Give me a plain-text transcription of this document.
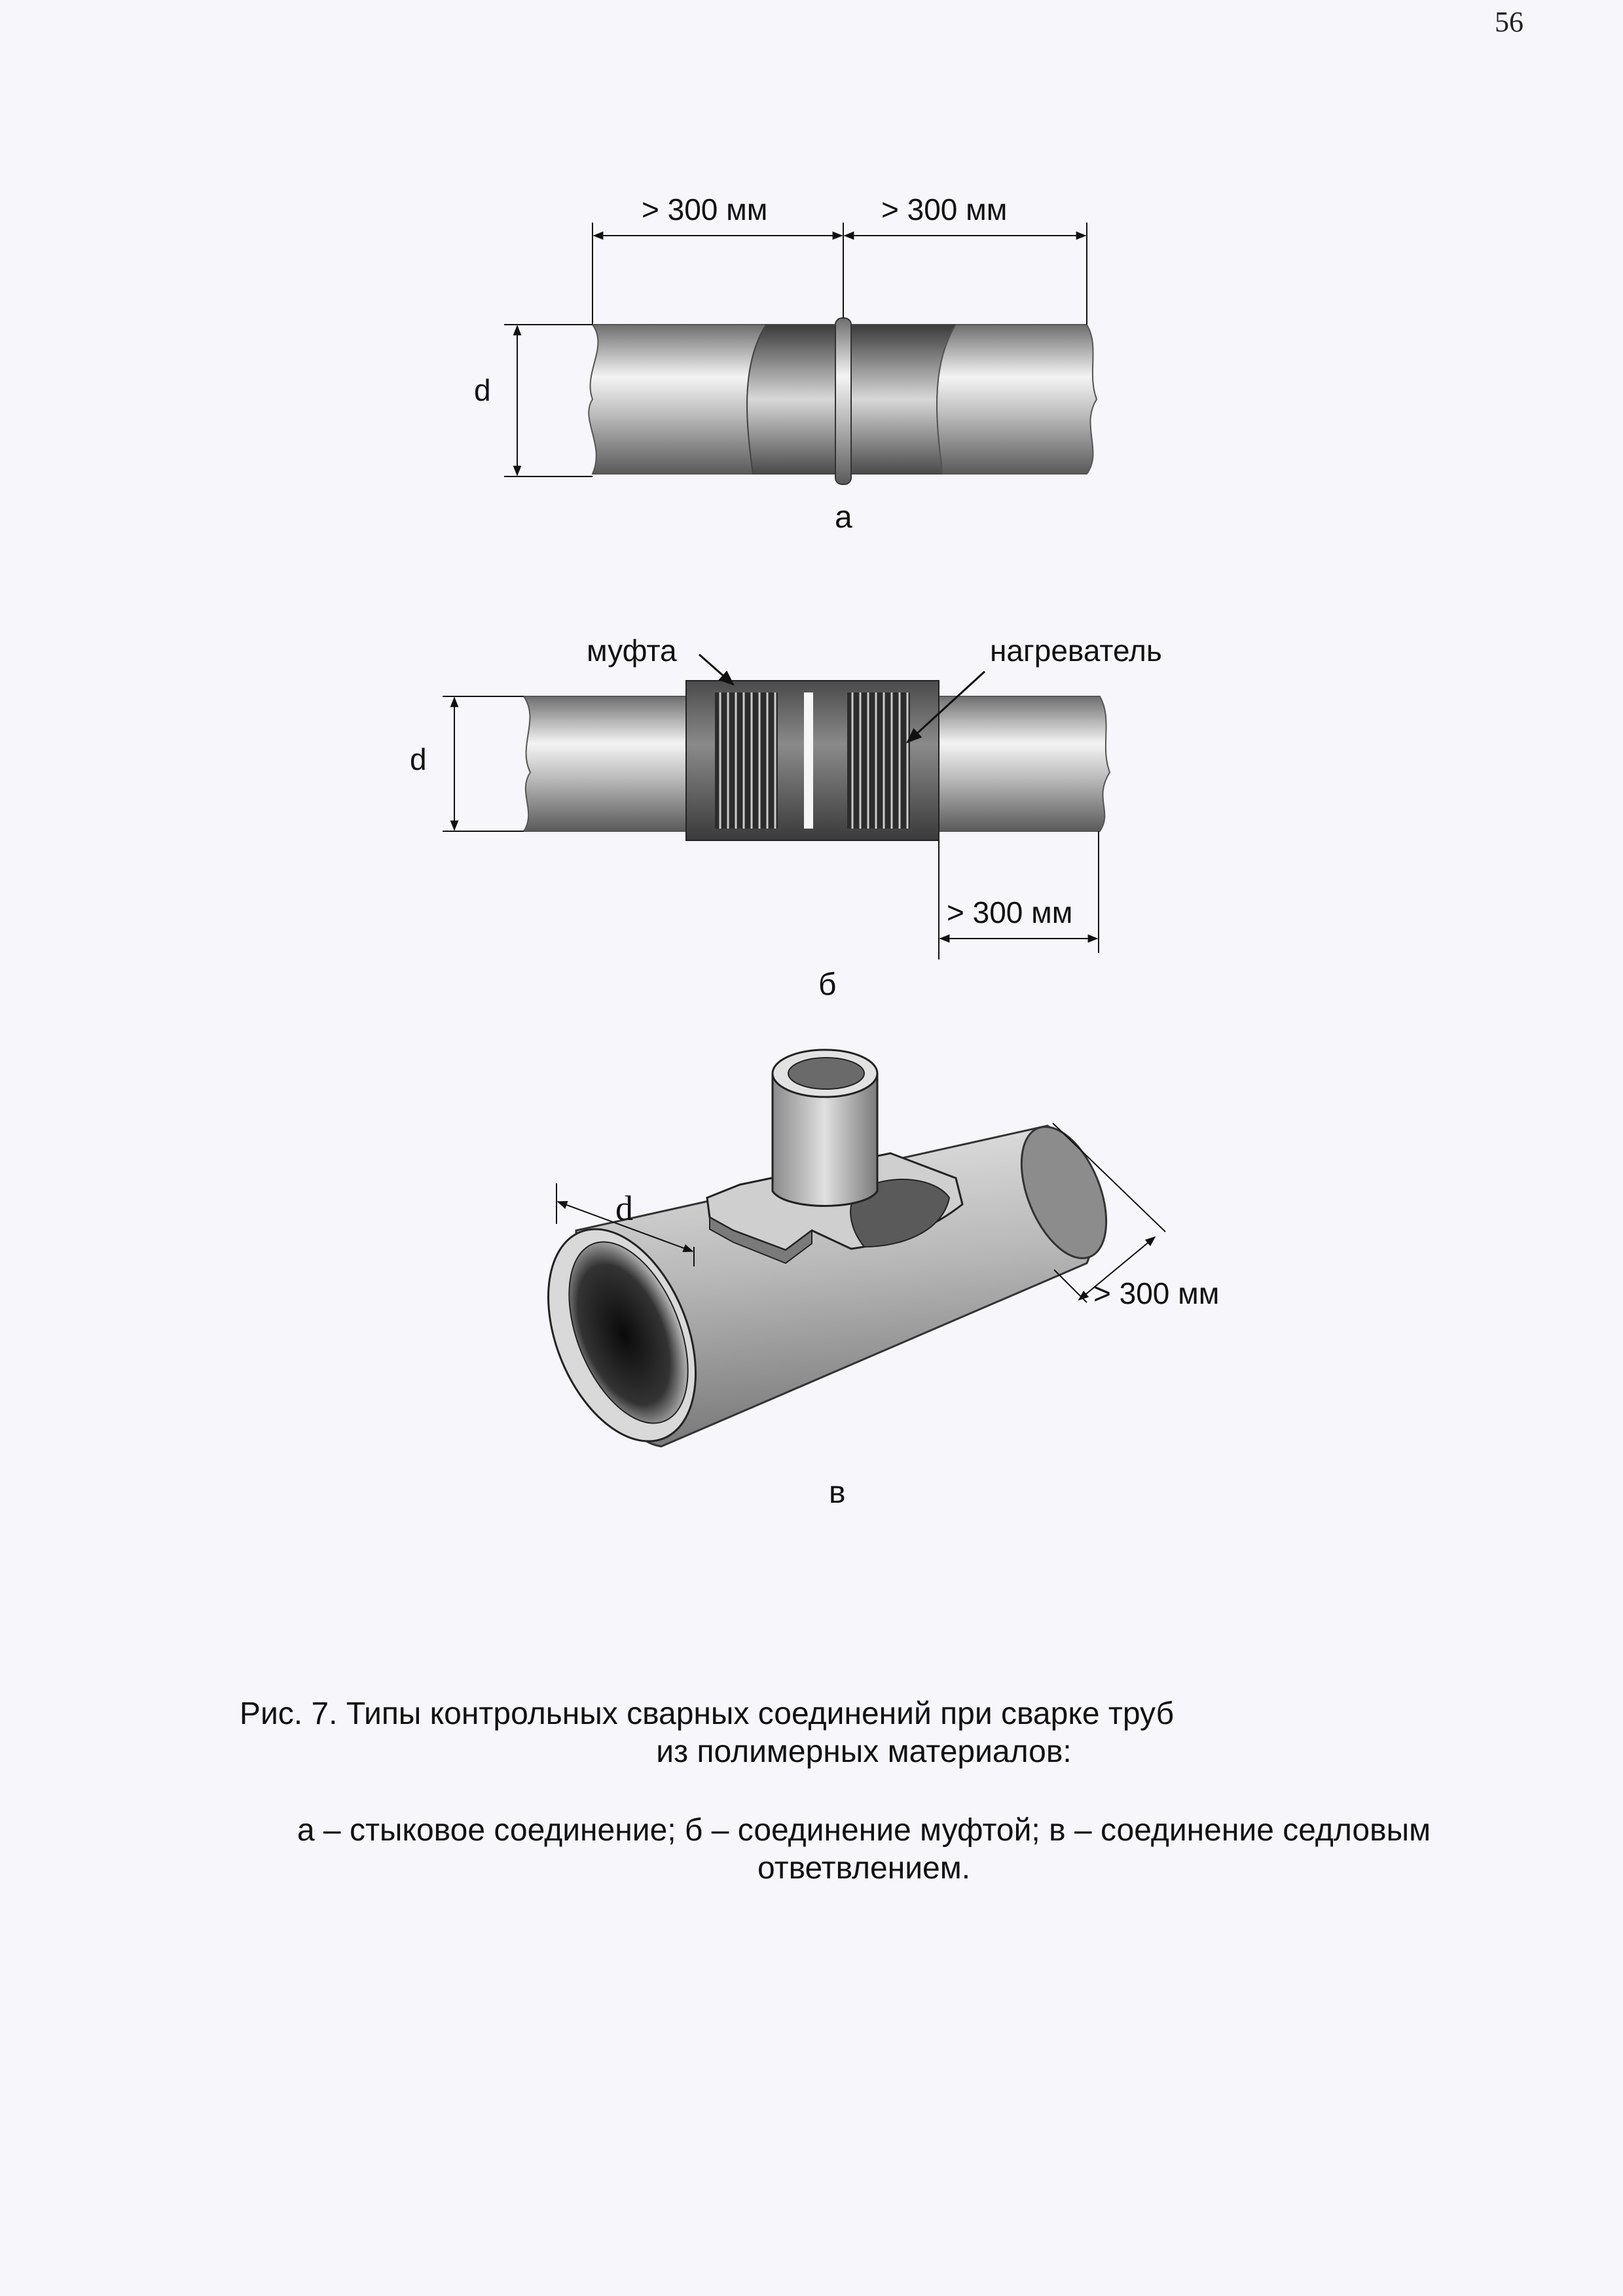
56
> 300 мм	> 300 мм
d
а
муфта	нагреватель
d
> 300 мм
б
d
> 300 мм
в
Рис. 7. Типы контрольных сварных соединений при сварке труб
из полимерных материалов:
а – стыковое соединение; б – соединение муфтой; в – соединение седловым
ответвлением.
